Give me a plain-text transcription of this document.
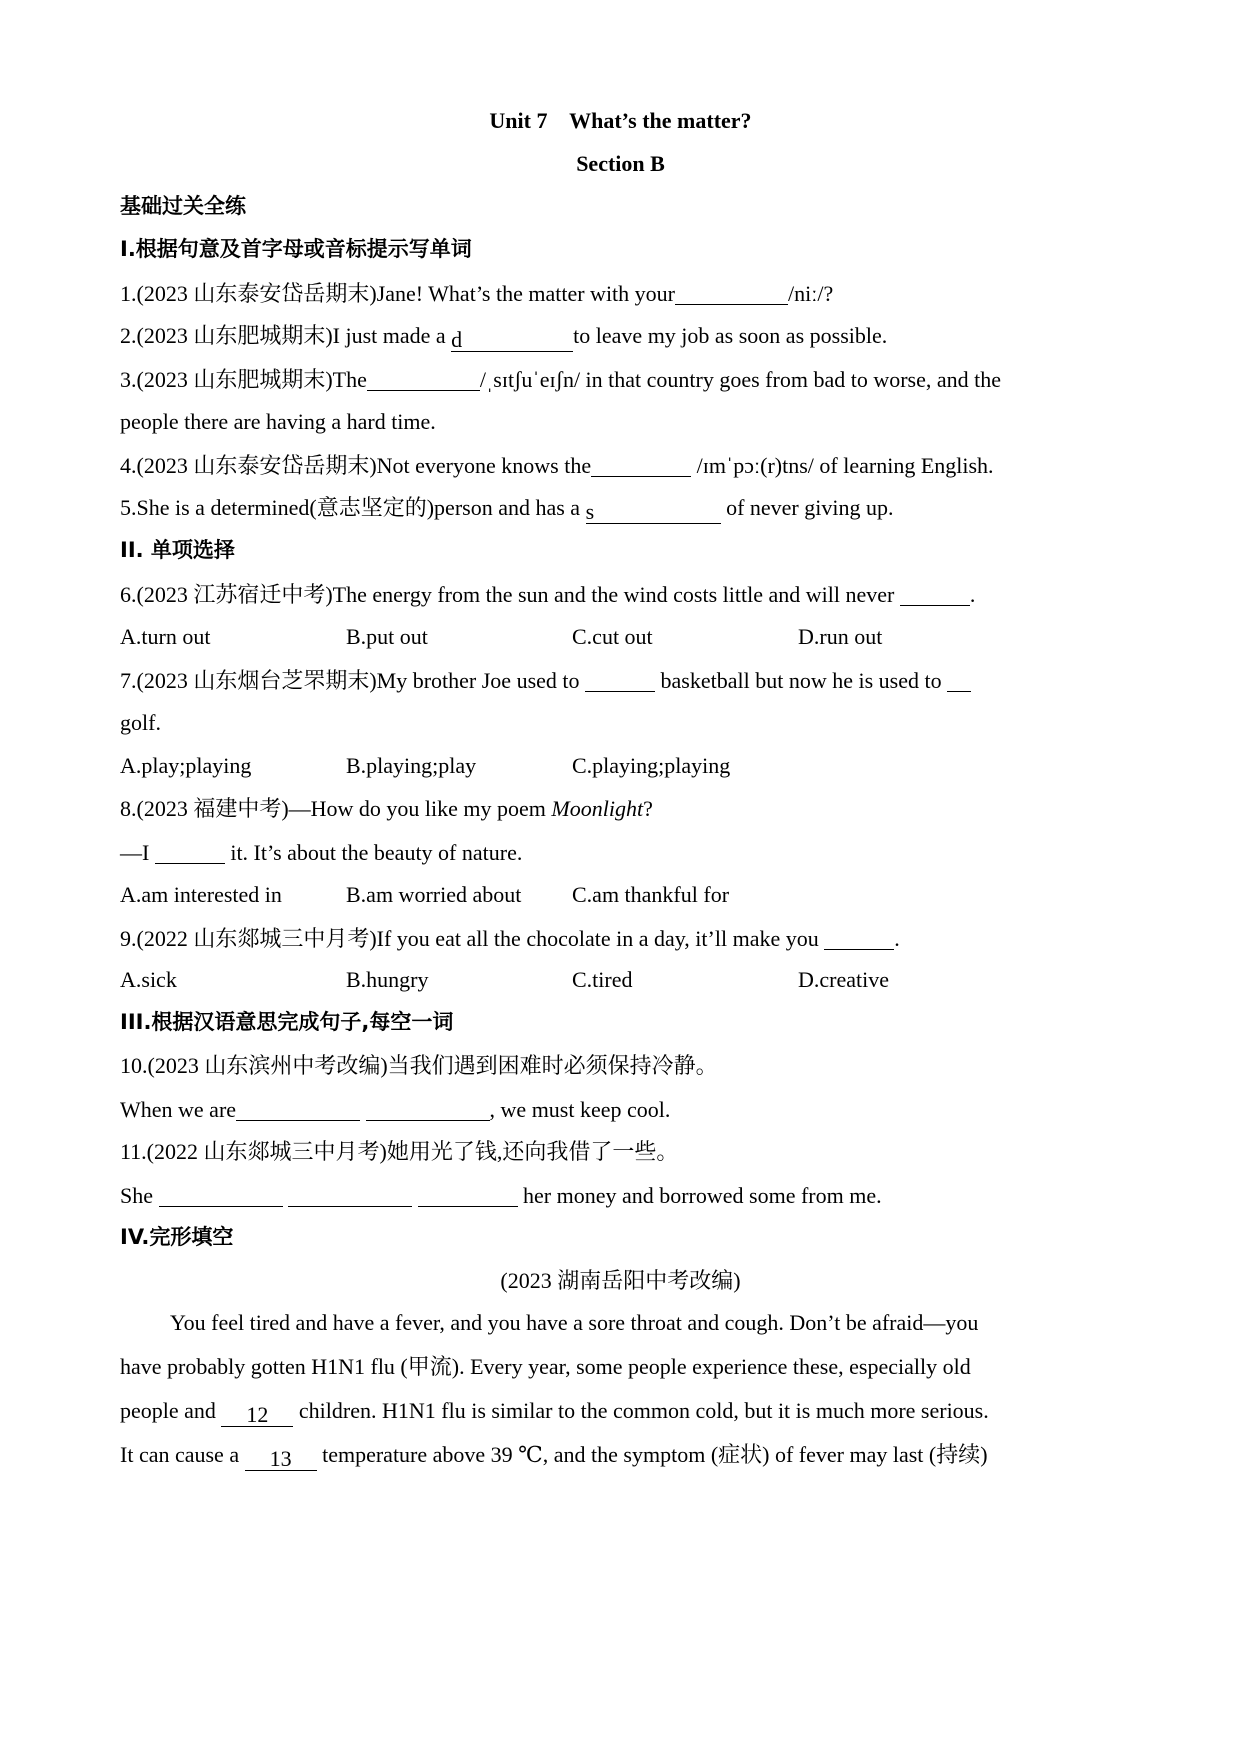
Unit 7    What’s the matter?
Section B
基础过关全练
I.根据句意及首字母或音标提示写单词
1.(2023 山东泰安岱岳期末)Jane! What’s the matter with your	/niː/?
2.(2023 山东肥城期末)I just made a d	to leave my job as soon as possible.
3.(2023 山东肥城期末)The	/ˌsɪtʃuˈeɪʃn/ in that country goes from bad to worse, and the
people there are having a hard time.
4.(2023 山东泰安岱岳期末)Not everyone knows the	/ɪmˈpɔː(r)tns/ of learning English.
5.She is a determined(意志坚定的)person and has a s	of never giving up.
II. 单项选择
6.(2023 江苏宿迁中考)The energy from the sun and the wind costs little and will never	.
A.turn out	B.put out	C.cut out	D.run out
7.(2023 山东烟台芝罘期末)My brother Joe used to	basketball but now he is used to
golf.
A.play;playing	B.playing;play	C.playing;playing
8.(2023 福建中考)—How do you like my poem Moonlight?
—I	it. It’s about the beauty of nature.
A.am interested in	B.am worried about C.am thankful for
9.(2022 山东郯城三中月考)If you eat all the chocolate in a day, it’ll make you	.
A.sick	B.hungry	C.tired	D.creative
III.根据汉语意思完成句子,每空一词
10.(2023 山东滨州中考改编)当我们遇到困难时必须保持冷静。
When we are	, we must keep cool.
11.(2022 山东郯城三中月考)她用光了钱,还向我借了一些。
She	her money and borrowed some from me.
IV.完形填空
(2023 湖南岳阳中考改编)
You feel tired and have a fever, and you have a sore throat and cough. Don’t be afraid—you
have probably gotten H1N1 flu (甲流). Every year, some people experience these, especially old
people and 12 children. H1N1 flu is similar to the common cold, but it is much more serious.
It can cause a 13 temperature above 39 ℃, and the symptom (症状) of fever may last (持续)
